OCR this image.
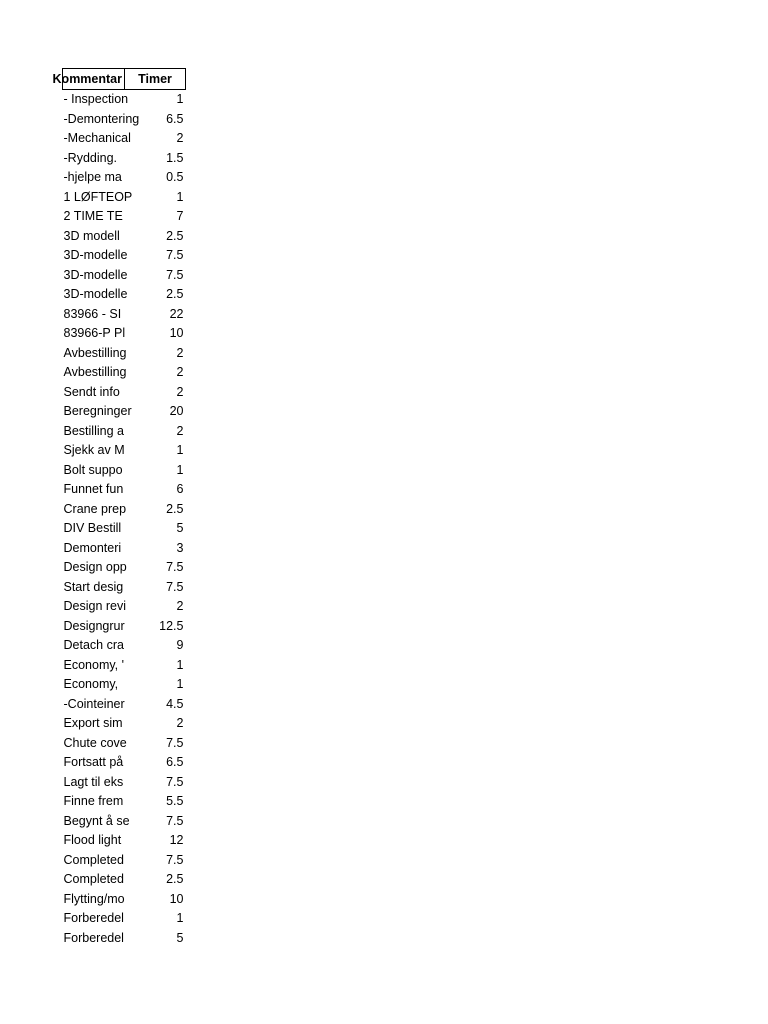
Kommentar	Timer
- Inspection	1
-Demontering	6.5
-Mechanical	2
-Rydding.	1.5
-hjelpe ma	0.5
1 LØFTEOP	1
2 TIME TE	7
3D modell	2.5
3D-modelle	7.5
3D-modelle	7.5
3D-modelle	2.5
83966 - SI	22
83966-P Pl	10
Avbestilling	2
Avbestilling	2
Sendt info	2
Beregninger	20
Bestilling a	2
Sjekk av M	1
Bolt suppo	1
Funnet fun	6
Crane prep	2.5
DIV Bestill	5
Demonteri	3
Design opp	7.5
Start desig	7.5
Design revi	2
Designgrur	12.5
Detach cra	9
Economy, '	1
Economy,	1
-Cointeiner	4.5
Export sim	2
Chute cove	7.5
Fortsatt på	6.5
Lagt til eks	7.5
Finne frem	5.5
Begynt å se	7.5
Flood light	12
Completed	7.5
Completed	2.5
Flytting/mo	10
Forberedel	1
Forberedel	5
